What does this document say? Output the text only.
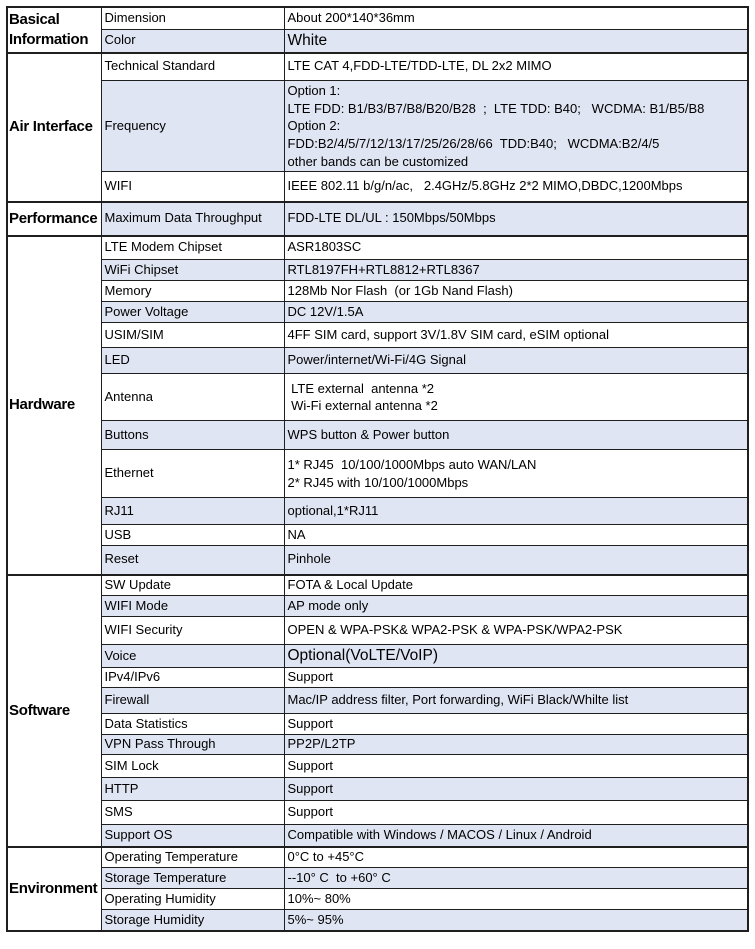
Basical Information	Dimension	About 200*140*36mm
	Color	White
Air Interface	Technical Standard	LTE CAT 4,FDD-LTE/TDD-LTE, DL 2x2 MIMO
	Frequency	Option 1:
LTE FDD: B1/B3/B7/B8/B20/B28  ;  LTE TDD: B40;   WCDMA: B1/B5/B8
Option 2:
FDD:B2/4/5/7/12/13/17/25/26/28/66  TDD:B40;   WCDMA:B2/4/5
other bands can be customized

	WIFI	IEEE 802.11 b/g/n/ac,   2.4GHz/5.8GHz 2*2 MIMO,DBDC,1200Mbps
Performance	Maximum Data Throughput	FDD-LTE DL/UL : 150Mbps/50Mbps
Hardware	LTE Modem Chipset	ASR1803SC
	WiFi Chipset	RTL8197FH+RTL8812+RTL8367
	Memory	128Mb Nor Flash  (or 1Gb Nand Flash)
	Power Voltage	DC 12V/1.5A
	USIM/SIM	4FF SIM card, support 3V/1.8V SIM card, eSIM optional
	LED	Power/internet/Wi-Fi/4G Signal
	Antenna	LTE external  antenna *2
Wi-Fi external antenna *2

	Buttons	WPS button & Power button
	Ethernet	1* RJ45  10/100/1000Mbps auto WAN/LAN
2* RJ45 with 10/100/1000Mbps

	RJ11	optional,1*RJ11
	USB	NA
	Reset	Pinhole
Software	SW Update	FOTA & Local Update
	WIFI Mode	AP mode only
	WIFI Security	OPEN & WPA-PSK& WPA2-PSK & WPA-PSK/WPA2-PSK
	Voice	Optional(VoLTE/VoIP)
	IPv4/IPv6	Support
	Firewall	Mac/IP address filter, Port forwarding, WiFi Black/Whilte list
	Data Statistics	Support
	VPN Pass Through	PP2P/L2TP
	SIM Lock	Support
	HTTP	Support
	SMS	Support
	Support OS	Compatible with Windows / MACOS / Linux / Android
Environment	Operating Temperature	0°C to +45°C
	Storage Temperature	--10° C  to +60° C
	Operating Humidity	10%~ 80%
	Storage Humidity	5%~ 95%
